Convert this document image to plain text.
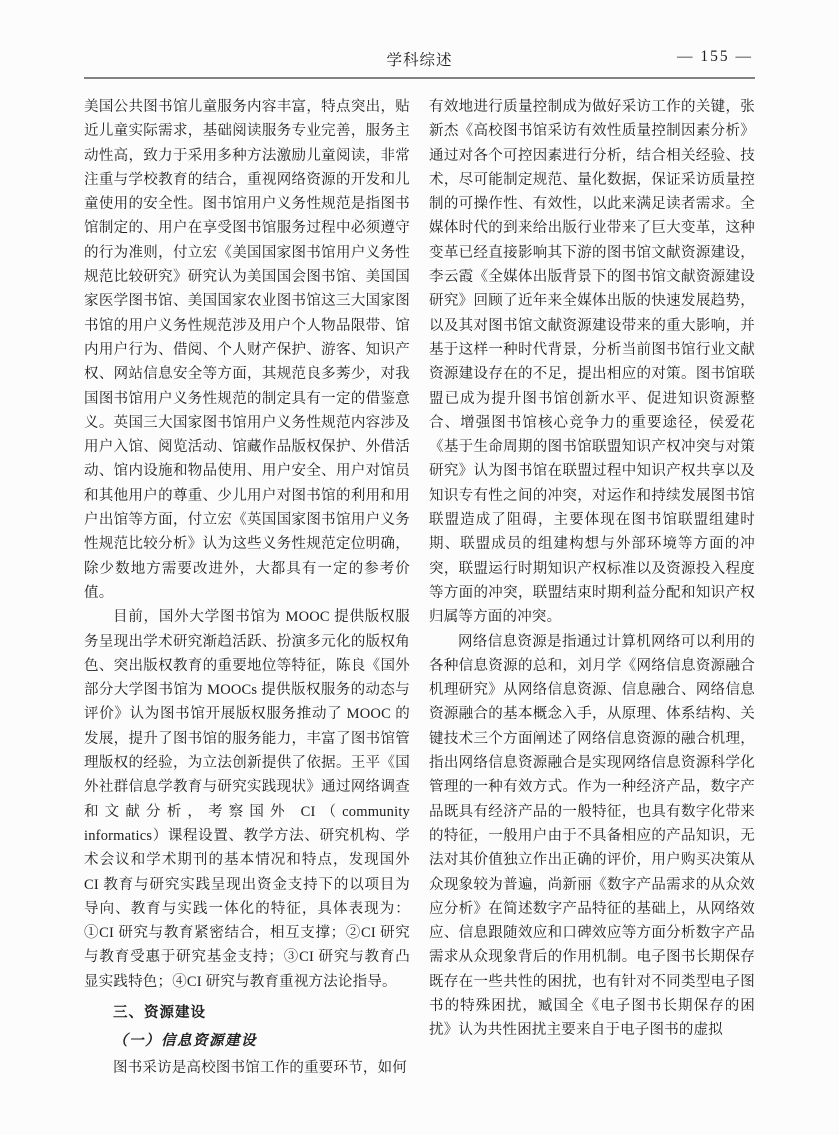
学科综述	— 155 —

美国公共图书馆儿童服务内容丰富，特点突出，贴近儿童实际需求，基础阅读服务专业完善，服务主动性高，致力于采用多种方法激励儿童阅读，非常注重与学校教育的结合，重视网络资源的开发和儿童使用的安全性。图书馆用户义务性规范是指图书馆制定的、用户在享受图书馆服务过程中必须遵守的行为准则，付立宏《美国国家图书馆用户义务性规范比较研究》研究认为美国国会图书馆、美国国家医学图书馆、美国国家农业图书馆这三大国家图书馆的用户义务性规范涉及用户个人物品限带、馆内用户行为、借阅、个人财产保护、游客、知识产权、网站信息安全等方面，其规范良多莠少，对我国图书馆用户义务性规范的制定具有一定的借鉴意义。英国三大国家图书馆用户义务性规范内容涉及用户入馆、阅览活动、馆藏作品版权保护、外借活动、馆内设施和物品使用、用户安全、用户对馆员和其他用户的尊重、少儿用户对图书馆的利用和用户出馆等方面，付立宏《英国国家图书馆用户义务性规范比较分析》认为这些义务性规范定位明确，除少数地方需要改进外，大都具有一定的参考价值。

目前，国外大学图书馆为 MOOC 提供版权服务呈现出学术研究渐趋活跃、扮演多元化的版权角色、突出版权教育的重要地位等特征，陈良《国外部分大学图书馆为 MOOCs 提供版权服务的动态与评价》认为图书馆开展版权服务推动了 MOOC 的发展，提升了图书馆的服务能力，丰富了图书馆管理版权的经验，为立法创新提供了依据。王平《国外社群信息学教育与研究实践现状》通过网络调查和文献分析，考察国外 CI（community informatics）课程设置、教学方法、研究机构、学术会议和学术期刊的基本情况和特点，发现国外 CI 教育与研究实践呈现出资金支持下的以项目为导向、教育与实践一体化的特征，具体表现为：①CI 研究与教育紧密结合，相互支撑；②CI 研究与教育受惠于研究基金支持；③CI 研究与教育凸显实践特色；④CI 研究与教育重视方法论指导。

三、资源建设
（一）信息资源建设

图书采访是高校图书馆工作的重要环节，如何

有效地进行质量控制成为做好采访工作的关键，张新杰《高校图书馆采访有效性质量控制因素分析》通过对各个可控因素进行分析，结合相关经验、技术，尽可能制定规范、量化数据，保证采访质量控制的可操作性、有效性，以此来满足读者需求。全媒体时代的到来给出版行业带来了巨大变革，这种变革已经直接影响其下游的图书馆文献资源建设，李云霞《全媒体出版背景下的图书馆文献资源建设研究》回顾了近年来全媒体出版的快速发展趋势，以及其对图书馆文献资源建设带来的重大影响，并基于这样一种时代背景，分析当前图书馆行业文献资源建设存在的不足，提出相应的对策。图书馆联盟已成为提升图书馆创新水平、促进知识资源整合、增强图书馆核心竞争力的重要途径，侯爱花《基于生命周期的图书馆联盟知识产权冲突与对策研究》认为图书馆在联盟过程中知识产权共享以及知识专有性之间的冲突，对运作和持续发展图书馆联盟造成了阻碍，主要体现在图书馆联盟组建时期、联盟成员的组建构想与外部环境等方面的冲突，联盟运行时期知识产权标准以及资源投入程度等方面的冲突，联盟结束时期利益分配和知识产权归属等方面的冲突。

网络信息资源是指通过计算机网络可以利用的各种信息资源的总和，刘月学《网络信息资源融合机理研究》从网络信息资源、信息融合、网络信息资源融合的基本概念入手，从原理、体系结构、关键技术三个方面阐述了网络信息资源的融合机理，指出网络信息资源融合是实现网络信息资源科学化管理的一种有效方式。作为一种经济产品，数字产品既具有经济产品的一般特征，也具有数字化带来的特征，一般用户由于不具备相应的产品知识，无法对其价值独立作出正确的评价，用户购买决策从众现象较为普遍，尚新丽《数字产品需求的从众效应分析》在简述数字产品特征的基础上，从网络效应、信息跟随效应和口碑效应等方面分析数字产品需求从众现象背后的作用机制。电子图书长期保存既存在一些共性的困扰，也有针对不同类型电子图书的特殊困扰，臧国全《电子图书长期保存的困扰》认为共性困扰主要来自于电子图书的虚拟
